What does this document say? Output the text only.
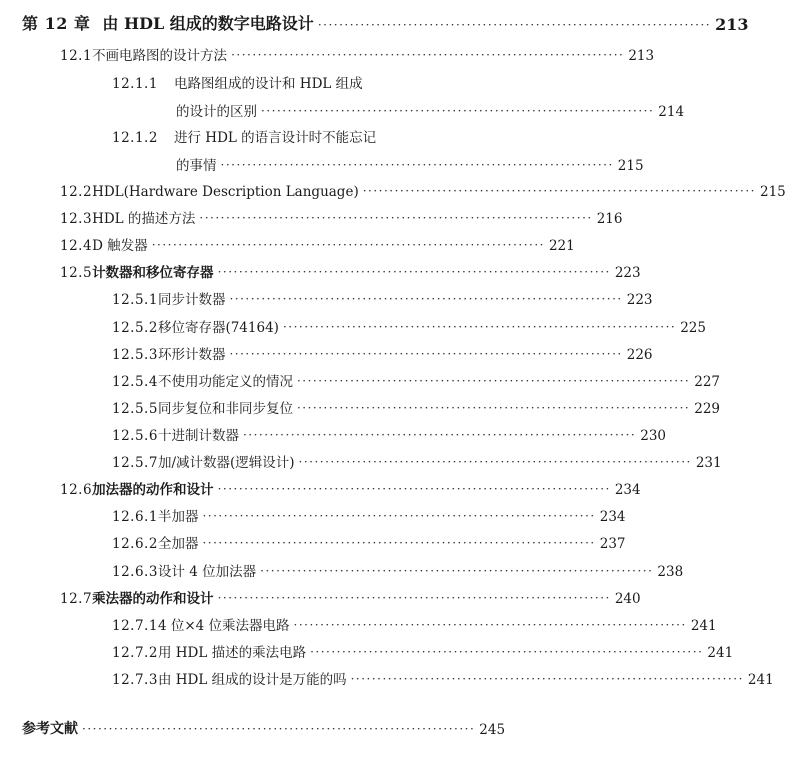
第 12 章 由 HDL 组成的数字电路设计 ·········································································· 213
12.1 不画电路图的设计方法 ·········································································· 213
12.1.1	电路图组成的设计和 HDL 组成
的设计的区别 ·········································································· 214
12.1.2	进行 HDL 的语言设计时不能忘记
的事情 ·········································································· 215
12.2 HDL(Hardware Description Language) ·········································································· 215
12.3 HDL 的描述方法 ·········································································· 216
12.4 D 触发器 ·········································································· 221
12.5 计数器和移位寄存器 ·········································································· 223
12.5.1 同步计数器 ·········································································· 223
12.5.2 移位寄存器(74164) ·········································································· 225
12.5.3 环形计数器 ·········································································· 226
12.5.4 不使用功能定义的情况 ·········································································· 227
12.5.5 同步复位和非同步复位 ·········································································· 229
12.5.6 十进制计数器 ·········································································· 230
12.5.7 加/减计数器(逻辑设计) ·········································································· 231
12.6 加法器的动作和设计 ·········································································· 234
12.6.1 半加器 ·········································································· 234
12.6.2 全加器 ·········································································· 237
12.6.3 设计 4 位加法器 ·········································································· 238
12.7 乘法器的动作和设计 ·········································································· 240
12.7.1 4 位×4 位乘法器电路 ·········································································· 241
12.7.2 用 HDL 描述的乘法电路 ·········································································· 241
12.7.3 由 HDL 组成的设计是万能的吗 ·········································································· 241
参考文献 ·········································································· 245
